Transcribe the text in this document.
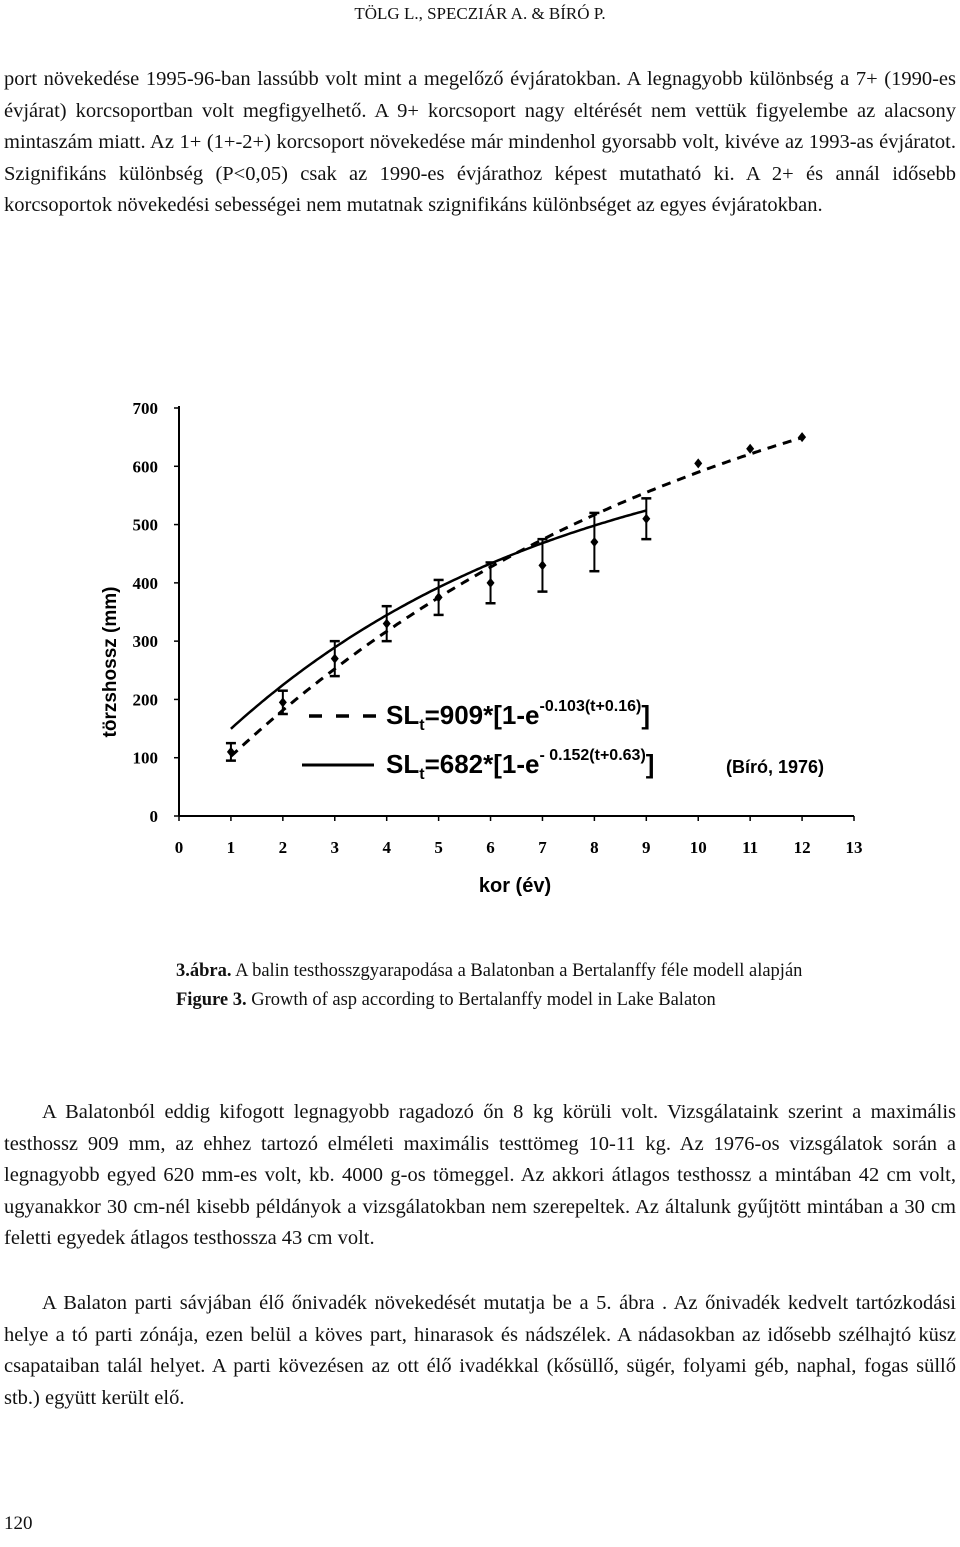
TÖLG L., SPECZIÁR A. & BÍRÓ P.

port növekedése 1995-96-ban lassúbb volt mint a megelőző évjáratokban. A legnagyobb különbség a 7+ (1990-es évjárat) korcsoportban volt megfigyelhető. A 9+ korcsoport nagy eltérését nem vettük figyelembe az alacsony mintaszám miatt. Az 1+ (1+-2+) korcsoport növekedése már mindenhol gyorsabb volt, kivéve az 1993-as évjáratot. Szignifikáns különbség (P<0,05) csak az 1990-es évjárathoz képest mutatható ki. A 2+ és annál idősebb korcsoportok növekedési sebességei nem mutatnak szignifikáns különbséget az egyes évjáratokban.

0
100
200
300
400
500
600
700
0	1	2	3	4	5	6	7	8	9 10 11 12 13
törzshossz (mm)
kor (év)
$SL_t=909*[1-e^{-0.103(t+0.16)}]$
$SL_t=682*[1-e^{- 0.152(t+0.63)}]$	(Bíró, 1976)
3.ábra. A balin testhosszgyarapodása a Balatonban a Bertalanffy féle modell alapján
Figure 3. Growth of asp according to Bertalanffy model in Lake Balaton

A Balatonból eddig kifogott legnagyobb ragadozó őn 8 kg körüli volt. Vizsgálataink szerint a maximális testhossz 909 mm, az ehhez tartozó elméleti maximális testtömeg 10-11 kg. Az 1976-os vizsgálatok során a legnagyobb egyed 620 mm-es volt, kb. 4000 g-os tömeggel. Az akkori átlagos testhossz a mintában 42 cm volt, ugyanakkor 30 cm-nél kisebb példányok a vizsgálatokban nem szerepeltek. Az általunk gyűjtött mintában a 30 cm feletti egyedek átlagos testhossza 43 cm volt.

A Balaton parti sávjában élő őnivadék növekedését mutatja be a 5. ábra . Az őnivadék kedvelt tartózkodási helye a tó parti zónája, ezen belül a köves part, hinarasok és nádszélek. A nádasokban az idősebb szélhajtó küsz csapataiban talál helyet. A parti kövezésen az ott élő ivadékkal (kősüllő, sügér, folyami géb, naphal, fogas süllő stb.) együtt került elő.

120
